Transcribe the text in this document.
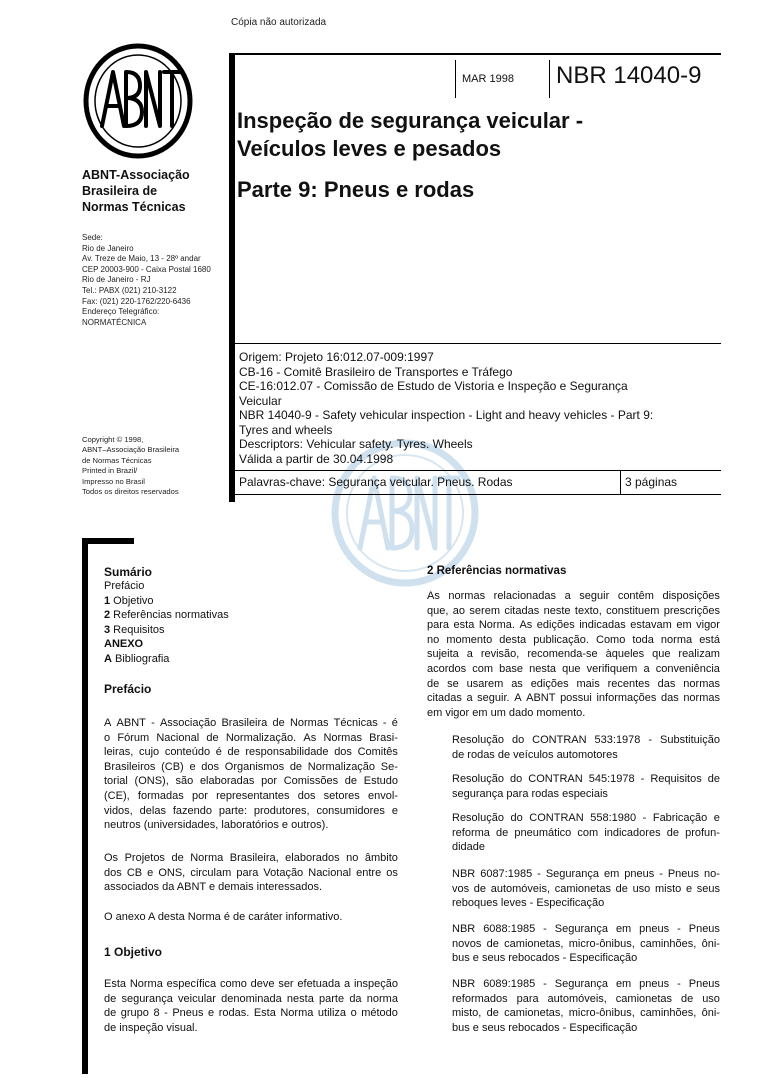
Cópia não autorizada
ABNT-Associação
Brasileira de
Normas Técnicas
Sede:
Rio de Janeiro
Av. Treze de Maio, 13 - 28º andar
CEP 20003-900 - Caixa Postal 1680
Rio de Janeiro - RJ
Tel.: PABX (021) 210-3122
Fax: (021) 220-1762/220-6436
Endereço Telegráfico:
NORMATÉCNICA
Copyright © 1998,
ABNT–Associação Brasileira
de Normas Técnicas
Printed in Brazil/
Impresso no Brasil
Todos os direitos reservados
MAR 1998 NBR 14040-9
Inspeção de segurança veicular -
Veículos leves e pesados
Parte 9: Pneus e rodas
Origem: Projeto 16:012.07-009:1997
CB-16 - Comitê Brasileiro de Transportes e Tráfego
CE-16:012.07 - Comissão de Estudo de Vistoria e Inspeção e Segurança
Veicular
NBR 14040-9 - Safety vehicular inspection - Light and heavy vehicles - Part 9:
Tyres and wheels
Descriptors: Vehicular safety. Tyres. Wheels
Válida a partir de 30.04.1998
Palavras-chave: Segurança veicular. Pneus. Rodas	3 páginas
Sumário
Prefácio
1 Objetivo
2 Referências normativas
3 Requisitos
ANEXO
A Bibliografia
Prefácio
A ABNT - Associação Brasileira de Normas Técnicas - é
o Fórum Nacional de Normalização. As Normas Brasi-
leiras, cujo conteúdo é de responsabilidade dos Comitês
Brasileiros (CB) e dos Organismos de Normalização Se-
torial (ONS), são elaboradas por Comissões de Estudo
(CE), formadas por representantes dos setores envol-
vidos, delas fazendo parte: produtores, consumidores e
neutros (universidades, laboratórios e outros).
Os Projetos de Norma Brasileira, elaborados no âmbito
dos CB e ONS, circulam para Votação Nacional entre os
associados da ABNT e demais interessados.
O anexo A desta Norma é de caráter informativo.
1 Objetivo
Esta Norma específica como deve ser efetuada a inspeção
de segurança veicular denominada nesta parte da norma
de grupo 8 - Pneus e rodas. Esta Norma utiliza o método
de inspeção visual.
2 Referências normativas
As normas relacionadas a seguir contêm disposições
que, ao serem citadas neste texto, constituem prescrições
para esta Norma. As edições indicadas estavam em vigor
no momento desta publicação. Como toda norma está
sujeita a revisão, recomenda-se àqueles que realizam
acordos com base nesta que verifiquem a conveniência
de se usarem as edições mais recentes das normas
citadas a seguir. A ABNT possui informações das normas
em vigor em um dado momento.
Resolução do CONTRAN 533:1978 - Substituição
de rodas de veículos automotores
Resolução do CONTRAN 545:1978 - Requisitos de
segurança para rodas especiais
Resolução do CONTRAN 558:1980 - Fabricação e
reforma de pneumático com indicadores de profun-
didade
NBR 6087:1985 - Segurança em pneus - Pneus no-
vos de automóveis, camionetas de uso misto e seus
reboques leves - Especificação
NBR 6088:1985 - Segurança em pneus - Pneus
novos de camionetas, micro-ônibus, caminhões, ôni-
bus e seus rebocados - Especificação
NBR 6089:1985 - Segurança em pneus - Pneus
reformados para automóveis, camionetas de uso
misto, de camionetas, micro-ônibus, caminhões, ôni-
bus e seus rebocados - Especificação
